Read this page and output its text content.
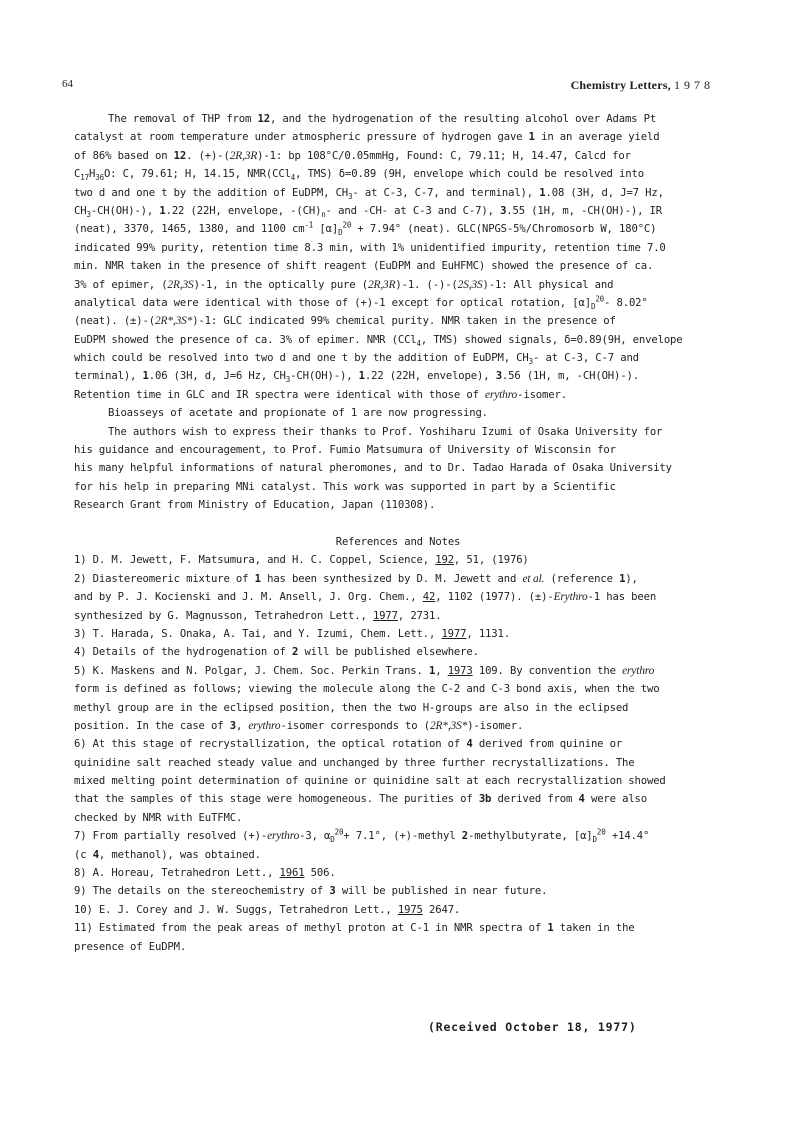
64	Chemistry Letters, 1978
The removal of THP from 12, and the hydrogenation of the resulting alcohol over Adams Pt
catalyst at room temperature under atmospheric pressure of hydrogen gave 1 in an average yield
of 86% based on 12. (+)-(2R,3R)-1: bp 108°C/0.05mmHg, Found: C, 79.11; H, 14.47, Calcd for
$C_{17}H_{36}O$: C, 79.61; H, 14.15, NMR(CCl$_4$, TMS) δ=0.89 (9H, envelope which could be resolved into
two d and one t by the addition of EuDPM, $CH_3-$ at C-3, C-7, and terminal), 1.08 (3H, d, J=7 Hz,
$CH_3-CH(OH)-$), 1.22 (22H, envelope, $-(CH)_n-$ and -CH- at C-3 and C-7), 3.55 (1H, m, -CH(OH)-), IR
(neat), 3370, 1465, 1380, and 1100 $cm^{-1}$ $[\alpha]_D^{20} + 7.94^\circ$ (neat). GLC(NPGS-5%/Chromosorb W, 180°C)
indicated 99% purity, retention time 8.3 min, with 1% unidentified impurity, retention time 7.0
min. NMR taken in the presence of shift reagent (EuDPM and EuHFMC) showed the presence of ca.
3% of epimer, (2R,3S)-1, in the optically pure (2R,3R)-1. (-)-(2S,3S)-1: All physical and
analytical data were identical with those of (+)-1 except for optical rotation, $[\alpha]_D^{20}-$ 8.02°
(neat). (±)-(2R*,3S*)-1: GLC indicated 99% chemical purity. NMR taken in the presence of
EuDPM showed the presence of ca. 3% of epimer. NMR (CCl$_4$, TMS) showed signals, δ=0.89(9H, envelope
which could be resolved into two d and one t by the addition of EuDPM, $CH_3-$ at C-3, C-7 and
terminal), 1.06 (3H, d, J=6 Hz, $CH_3-CH(OH)-$), 1.22 (22H, envelope), 3.56 (1H, m, -CH(OH)-).
Retention time in GLC and IR spectra were identical with those of erythro-isomer.
Bioasseys of acetate and propionate of 1 are now progressing.
The authors wish to express their thanks to Prof. Yoshiharu Izumi of Osaka University for
his guidance and encouragement, to Prof. Fumio Matsumura of University of Wisconsin for
his many helpful informations of natural pheromones, and to Dr. Tadao Harada of Osaka University
for his help in preparing MNi catalyst. This work was supported in part by a Scientific
Research Grant from Ministry of Education, Japan (110308).
References and Notes
1) D. M. Jewett, F. Matsumura, and H. C. Coppel, Science, 192, 51, (1976)
2) Diastereomeric mixture of 1 has been synthesized by D. M. Jewett and et al. (reference 1),
and by P. J. Kocienski and J. M. Ansell, J. Org. Chem., 42, 1102 (1977). (±)-Erythro-1 has been
synthesized by G. Magnusson, Tetrahedron Lett., 1977, 2731.
3) T. Harada, S. Onaka, A. Tai, and Y. Izumi, Chem. Lett., 1977, 1131.
4) Details of the hydrogenation of 2 will be published elsewhere.
5) K. Maskens and N. Polgar, J. Chem. Soc. Perkin Trans. 1, 1973 109. By convention the erythro
form is defined as follows; viewing the molecule along the C-2 and C-3 bond axis, when the two
methyl group are in the eclipsed position, then the two H-groups are also in the eclipsed
position. In the case of 3, erythro-isomer corresponds to (2R*,3S*)-isomer.
6) At this stage of recrystallization, the optical rotation of 4 derived from quinine or
quinidine salt reached steady value and unchanged by three further recrystallizations. The
mixed melting point determination of quinine or quinidine salt at each recrystallization showed
that the samples of this stage were homogeneous. The purities of 3b derived from 4 were also
checked by NMR with EuTFMC.
7) From partially resolved (+)-erythro-3, $\alpha_D^{20}+ 7.1^\circ$, (+)-methyl 2-methylbutyrate, $[\alpha]_D^{20} +14.4^\circ$
(c 4, methanol), was obtained.
8) A. Horeau, Tetrahedron Lett., 1961 506.
9) The details on the stereochemistry of 3 will be published in near future.
10) E. J. Corey and J. W. Suggs, Tetrahedron Lett., 1975 2647.
11) Estimated from the peak areas of methyl proton at C-1 in NMR spectra of 1 taken in the
presence of EuDPM.
(Received October 18, 1977)
